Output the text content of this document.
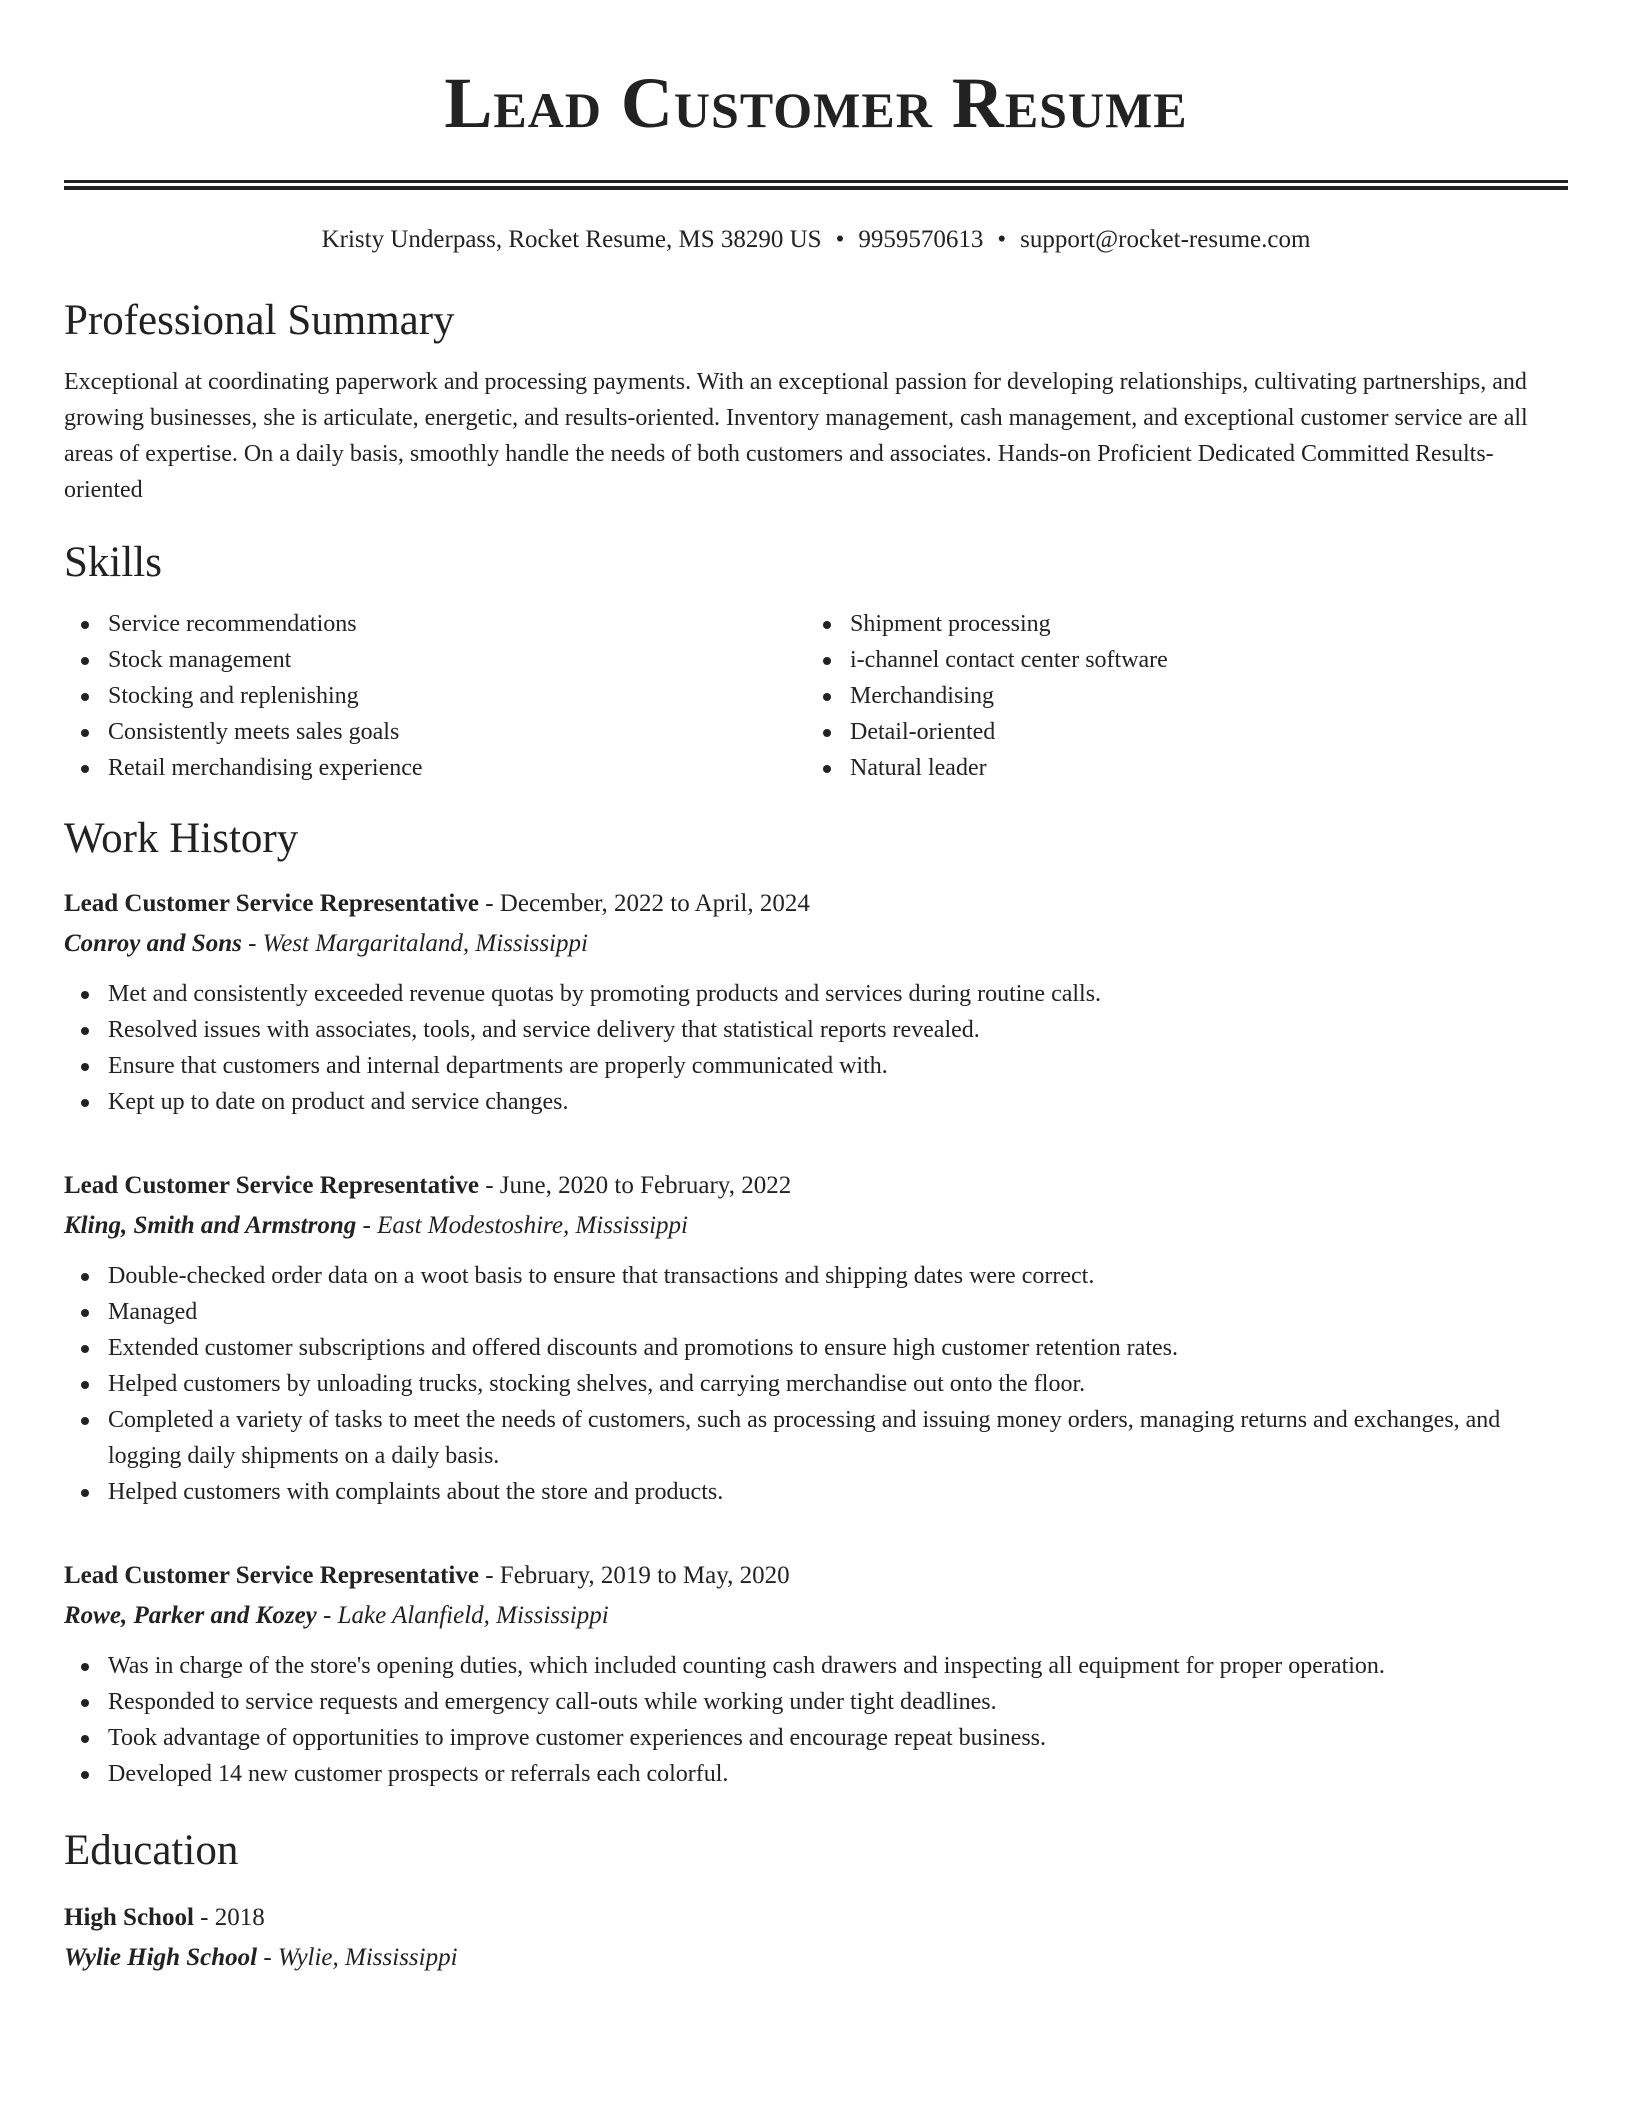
Lead Customer Resume
Kristy Underpass, Rocket Resume, MS 38290 US • 9959570613 • support@rocket-resume.com
Professional Summary

Exceptional at coordinating paperwork and processing payments. With an exceptional passion for developing relationships, cultivating partnerships, and growing businesses, she is articulate, energetic, and results-oriented. Inventory management, cash management, and exceptional customer service are all areas of expertise. On a daily basis, smoothly handle the needs of both customers and associates. Hands-on Proficient Dedicated Committed Results-oriented

Skills
Service recommendations
Stock management
Stocking and replenishing
Consistently meets sales goals
Retail merchandising experience
Shipment processing
i-channel contact center software
Merchandising
Detail-oriented
Natural leader
Work History
Lead Customer Service Representative - December, 2022 to April, 2024
Conroy and Sons - West Margaritaland, Mississippi
Met and consistently exceeded revenue quotas by promoting products and services during routine calls.
Resolved issues with associates, tools, and service delivery that statistical reports revealed.
Ensure that customers and internal departments are properly communicated with.
Kept up to date on product and service changes.
Lead Customer Service Representative - June, 2020 to February, 2022
Kling, Smith and Armstrong - East Modestoshire, Mississippi
Double-checked order data on a woot basis to ensure that transactions and shipping dates were correct.
Managed
Extended customer subscriptions and offered discounts and promotions to ensure high customer retention rates.
Helped customers by unloading trucks, stocking shelves, and carrying merchandise out onto the floor.
Completed a variety of tasks to meet the needs of customers, such as processing and issuing money orders, managing returns and exchanges, and logging daily shipments on a daily basis.
Helped customers with complaints about the store and products.
Lead Customer Service Representative - February, 2019 to May, 2020
Rowe, Parker and Kozey - Lake Alanfield, Mississippi
Was in charge of the store's opening duties, which included counting cash drawers and inspecting all equipment for proper operation.
Responded to service requests and emergency call-outs while working under tight deadlines.
Took advantage of opportunities to improve customer experiences and encourage repeat business.
Developed 14 new customer prospects or referrals each colorful.
Education
High School - 2018
Wylie High School - Wylie, Mississippi
